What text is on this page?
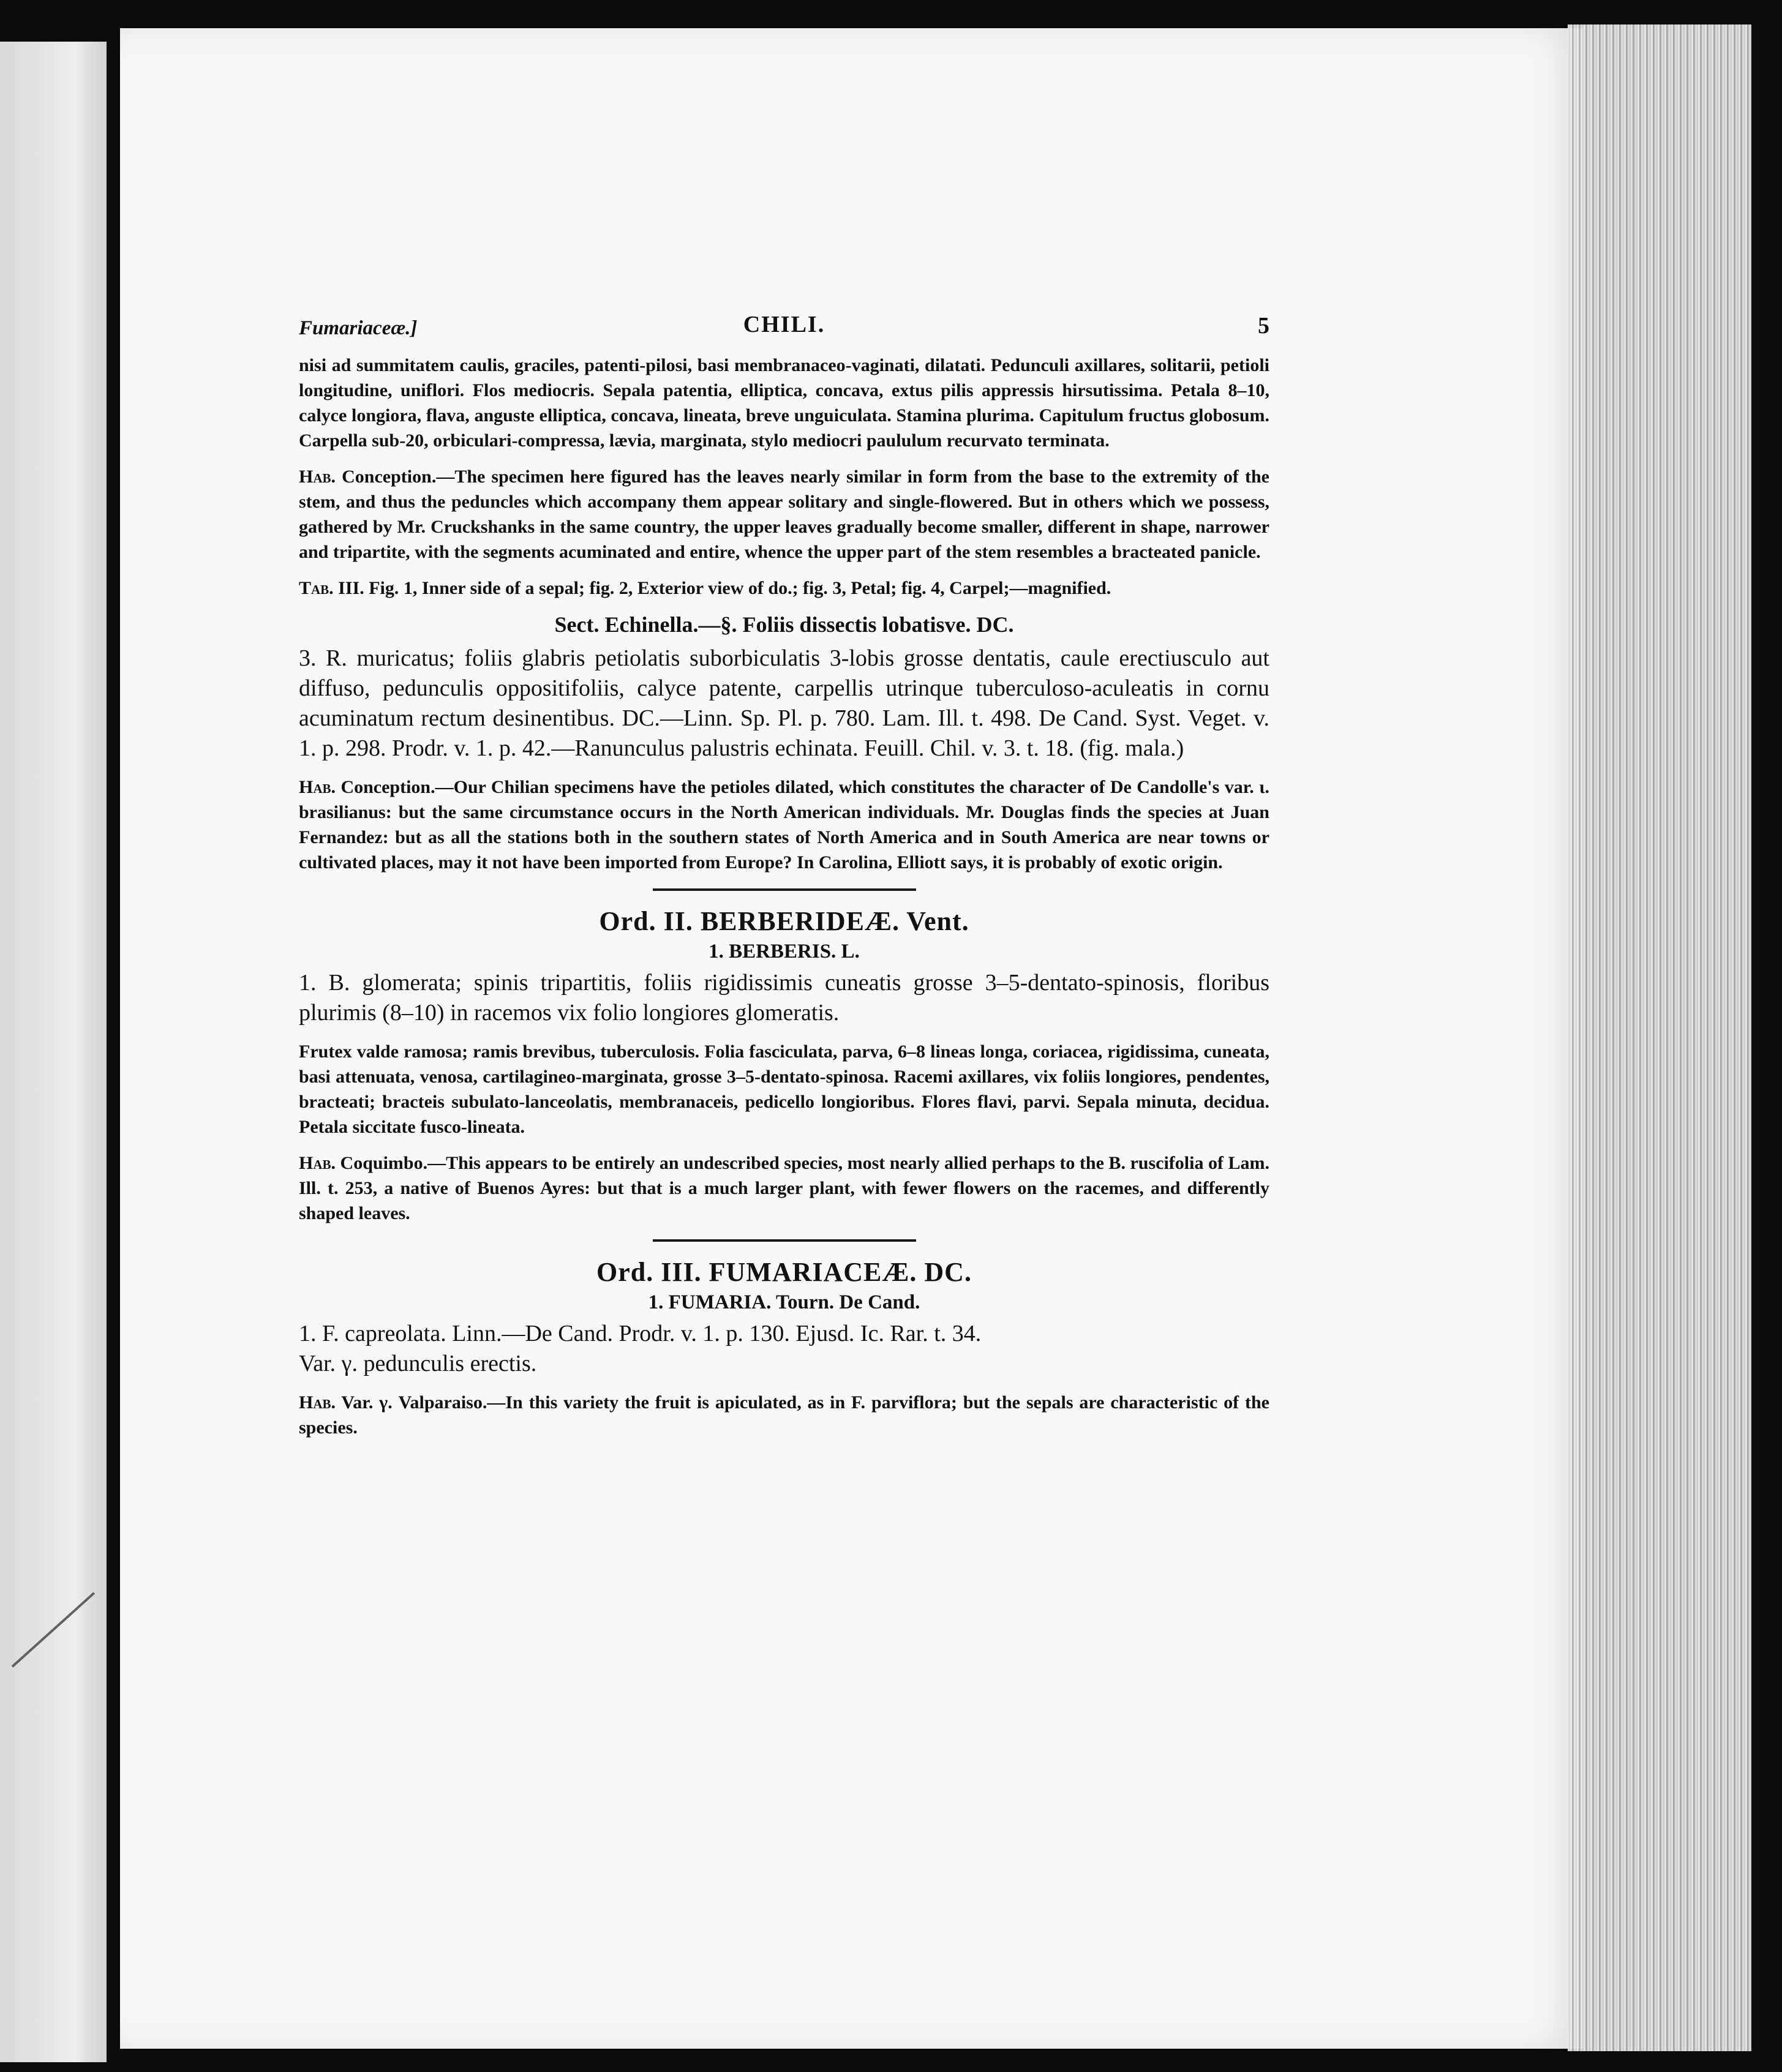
Fumariaceæ.]	CHILI.	5

nisi ad summitatem caulis, graciles, patenti-pilosi, basi membranaceo-vaginati, dilatati. Pedunculi axillares, solitarii, petioli longitudine, uniflori. Flos mediocris. Sepala patentia, elliptica, concava, extus pilis appressis hirsutissima. Petala 8–10, calyce longiora, flava, anguste elliptica, concava, lineata, breve unguiculata. Stamina plurima. Capitulum fructus globosum. Carpella sub-20, orbiculari-compressa, lævia, marginata, stylo mediocri paululum recurvato terminata.

Hab. Conception.—The specimen here figured has the leaves nearly similar in form from the base to the extremity of the stem, and thus the peduncles which accompany them appear solitary and single-flowered. But in others which we possess, gathered by Mr. Cruckshanks in the same country, the upper leaves gradually become smaller, different in shape, narrower and tripartite, with the segments acuminated and entire, whence the upper part of the stem resembles a bracteated panicle.

Tab. III. Fig. 1, Inner side of a sepal; fig. 2, Exterior view of do.; fig. 3, Petal; fig. 4, Carpel;—magnified.

Sect. Echinella.—§. Foliis dissectis lobatisve. DC.

3. R. muricatus; foliis glabris petiolatis suborbiculatis 3-lobis grosse dentatis, caule erectiusculo aut diffuso, pedunculis oppositifoliis, calyce patente, carpellis utrinque tuberculoso-aculeatis in cornu acuminatum rectum desinentibus. DC.—Linn. Sp. Pl. p. 780. Lam. Ill. t. 498. De Cand. Syst. Veget. v. 1. p. 298. Prodr. v. 1. p. 42.—Ranunculus palustris echinata. Feuill. Chil. v. 3. t. 18. (fig. mala.)

Hab. Conception.—Our Chilian specimens have the petioles dilated, which constitutes the character of De Candolle's var. ι. brasilianus: but the same circumstance occurs in the North American individuals. Mr. Douglas finds the species at Juan Fernandez: but as all the stations both in the southern states of North America and in South America are near towns or cultivated places, may it not have been imported from Europe? In Carolina, Elliott says, it is probably of exotic origin.

Ord. II. BERBERIDEÆ. Vent.
1. BERBERIS. L.

1. B. glomerata; spinis tripartitis, foliis rigidissimis cuneatis grosse 3–5-dentato-spinosis, floribus plurimis (8–10) in racemos vix folio longiores glomeratis.

Frutex valde ramosa; ramis brevibus, tuberculosis. Folia fasciculata, parva, 6–8 lineas longa, coriacea, rigidissima, cuneata, basi attenuata, venosa, cartilagineo-marginata, grosse 3–5-dentato-spinosa. Racemi axillares, vix foliis longiores, pendentes, bracteati; bracteis subulato-lanceolatis, membranaceis, pedicello longioribus. Flores flavi, parvi. Sepala minuta, decidua. Petala siccitate fusco-lineata.

Hab. Coquimbo.—This appears to be entirely an undescribed species, most nearly allied perhaps to the B. ruscifolia of Lam. Ill. t. 253, a native of Buenos Ayres: but that is a much larger plant, with fewer flowers on the racemes, and differently shaped leaves.

Ord. III. FUMARIACEÆ. DC.
1. FUMARIA. Tourn. De Cand.

1. F. capreolata. Linn.—De Cand. Prodr. v. 1. p. 130. Ejusd. Ic. Rar. t. 34.

Var. γ. pedunculis erectis.

Hab. Var. γ. Valparaiso.—In this variety the fruit is apiculated, as in F. parviflora; but the sepals are characteristic of the species.
